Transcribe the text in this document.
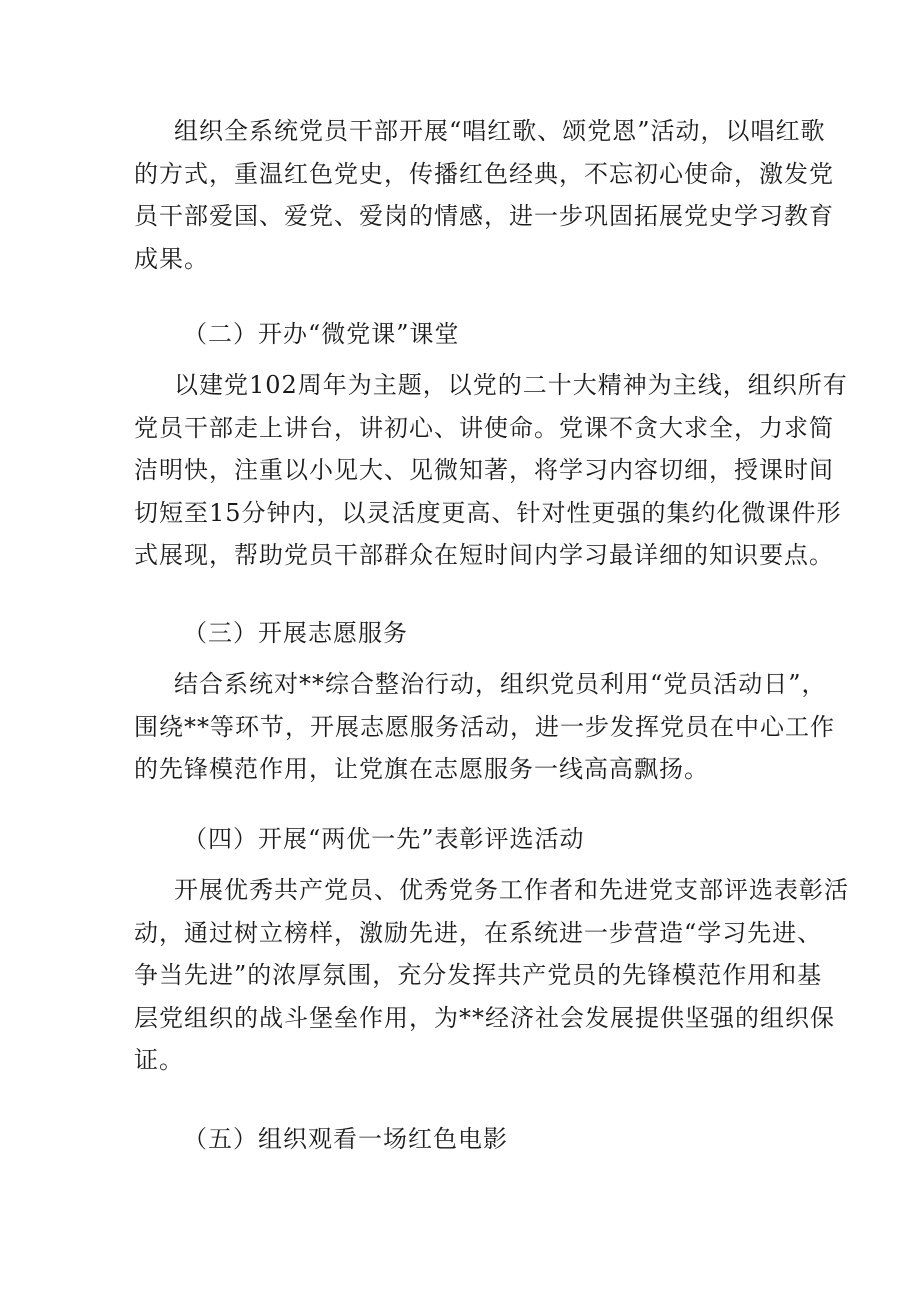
组织全系统党员干部开展“唱红歌、颂党恩”活动，以唱红歌
的方式，重温红色党史，传播红色经典，不忘初心使命，激发党
员干部爱国、爱党、爱岗的情感，进一步巩固拓展党史学习教育
成果。
（二）开办“微党课”课堂
以建党102周年为主题，以党的二十大精神为主线，组织所有
党员干部走上讲台，讲初心、讲使命。党课不贪大求全，力求简
洁明快，注重以小见大、见微知著，将学习内容切细，授课时间
切短至15分钟内，以灵活度更高、针对性更强的集约化微课件形
式展现，帮助党员干部群众在短时间内学习最详细的知识要点。
（三）开展志愿服务
结合系统对**综合整治行动，组织党员利用“党员活动日”，
围绕**等环节，开展志愿服务活动，进一步发挥党员在中心工作
的先锋模范作用，让党旗在志愿服务一线高高飘扬。
（四）开展“两优一先”表彰评选活动
开展优秀共产党员、优秀党务工作者和先进党支部评选表彰活
动，通过树立榜样，激励先进，在系统进一步营造“学习先进、
争当先进”的浓厚氛围，充分发挥共产党员的先锋模范作用和基
层党组织的战斗堡垒作用，为**经济社会发展提供坚强的组织保
证。
（五）组织观看一场红色电影
